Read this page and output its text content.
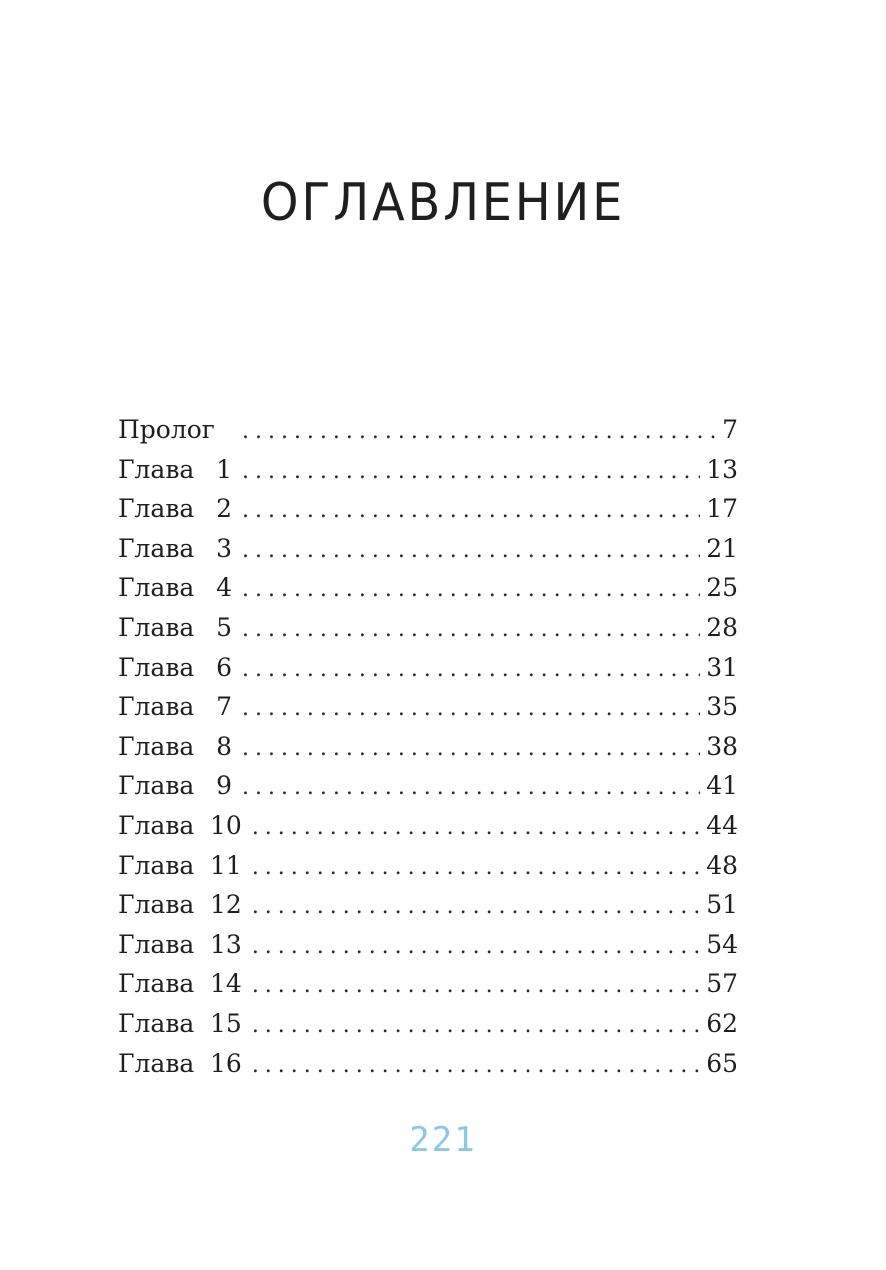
ОГЛАВЛЕНИЕ
Пролог . . .	7
Глава 1 . . .	13
Глава 2 . . .	17
Глава 3 . . .	21
Глава 4 . . .	25
Глава 5 . . .	28
Глава 6 . . .	31
Глава 7 . . .	35
Глава 8 . . .	38
Глава 9 . . .	41
Глава 10 . . .	44
Глава 11 . . .	48
Глава 12 . . .	51
Глава 13 . . .	54
Глава 14 . . .	57
Глава 15 . . .	62
Глава 16 . . .	65
221
